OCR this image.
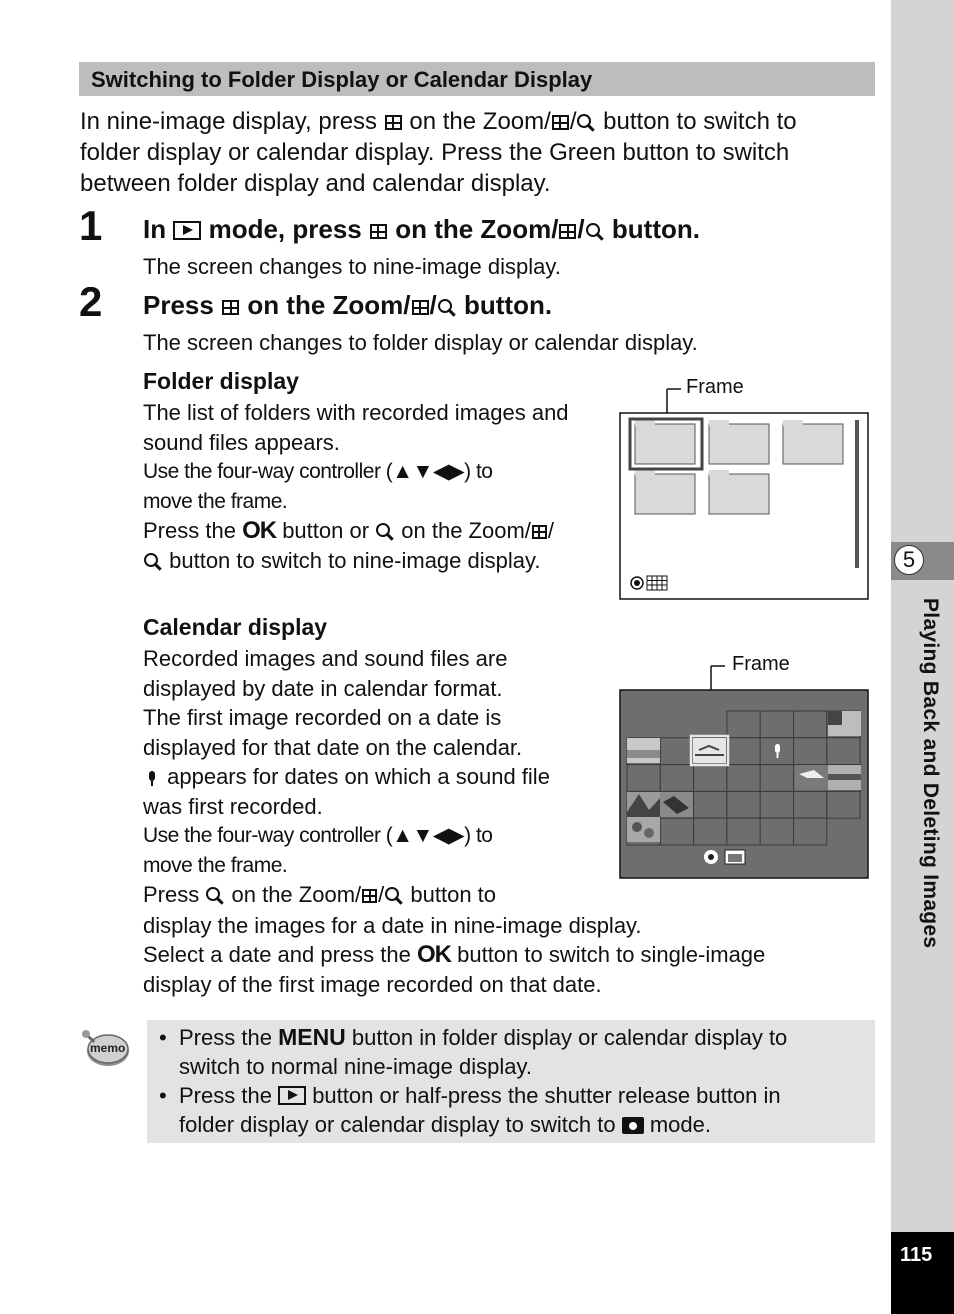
Switching to Folder Display or Calendar Display
In nine-image display, press on the Zoom/ / button to switch to
folder display or calendar display. Press the Green button to switch
between folder display and calendar display.
1 In mode, press on the Zoom/ / button.
The screen changes to nine-image display.
2 Press on the Zoom/ / button.
The screen changes to folder display or calendar display.
Folder display
The list of folders with recorded images and
sound files appears.
Use the four-way controller (▲▼◀▶) to
move the frame.
Press the OK button or on the Zoom/ /
button to switch to nine-image display.
Frame
Calendar display
Recorded images and sound files are
displayed by date in calendar format.
The first image recorded on a date is
displayed for that date on the calendar.
appears for dates on which a sound file
was first recorded.
Use the four-way controller (▲▼◀▶) to
move the frame.
Press on the Zoom/ / button to
display the images for a date in nine-image display.
Select a date and press the OK button to switch to single-image
display of the first image recorded on that date.
Frame
memo • Press the MENU button in folder display or calendar display to
switch to normal nine-image display.
• Press the button or half-press the shutter release button in
folder display or calendar display to switch to mode.
5
Playing Back and Deleting Images
115
